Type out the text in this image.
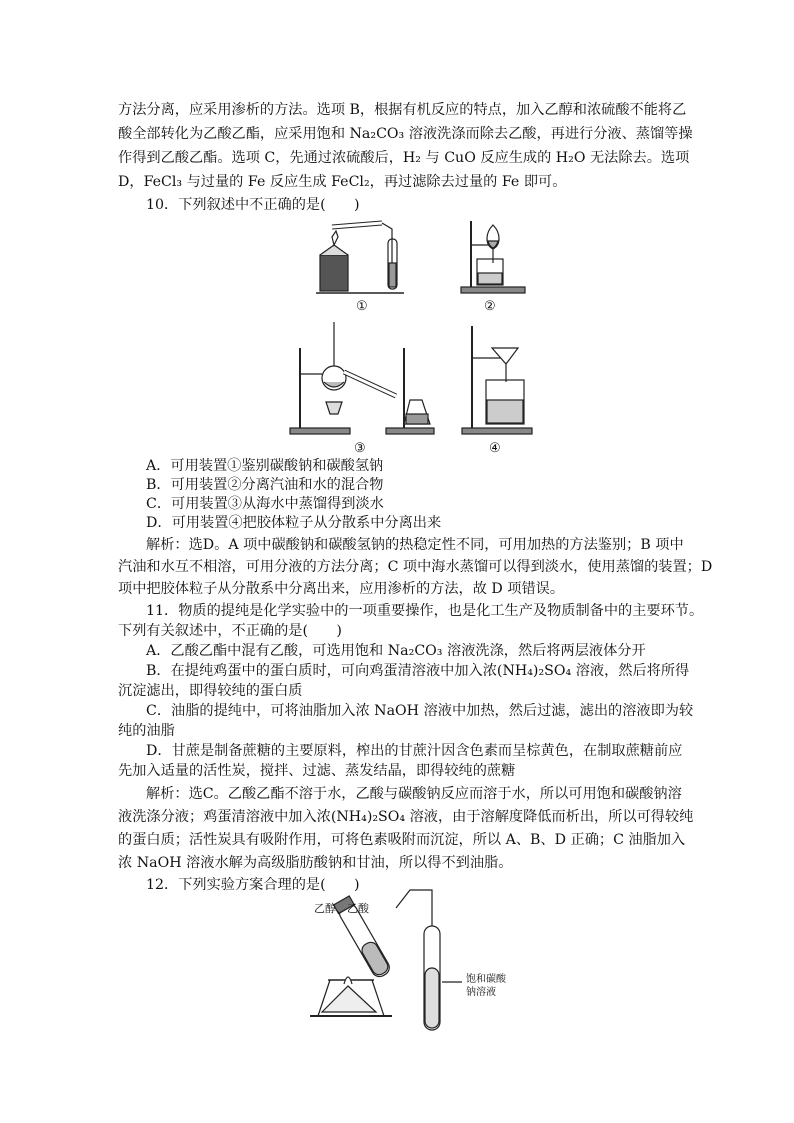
方法分离，应采用渗析的方法。选项 B，根据有机反应的特点，加入乙醇和浓硫酸不能将乙
酸全部转化为乙酸乙酯，应采用饱和 Na₂CO₃ 溶液洗涤而除去乙酸，再进行分液、蒸馏等操
作得到乙酸乙酯。选项 C，先通过浓硫酸后，H₂ 与 CuO 反应生成的 H₂O 无法除去。选项
D，FeCl₃ 与过量的 Fe 反应生成 FeCl₂，再过滤除去过量的 Fe 即可。
10．下列叙述中不正确的是(　　)
①	②
③	④
A．可用装置①鉴别碳酸钠和碳酸氢钠
B．可用装置②分离汽油和水的混合物
C．可用装置③从海水中蒸馏得到淡水
D．可用装置④把胶体粒子从分散系中分离出来
解析：选D。A 项中碳酸钠和碳酸氢钠的热稳定性不同，可用加热的方法鉴别；B 项中
汽油和水互不相溶，可用分液的方法分离；C 项中海水蒸馏可以得到淡水，使用蒸馏的装置；D
项中把胶体粒子从分散系中分离出来，应用渗析的方法，故 D 项错误。
11．物质的提纯是化学实验中的一项重要操作，也是化工生产及物质制备中的主要环节。
下列有关叙述中，不正确的是(　　)
A．乙酸乙酯中混有乙酸，可选用饱和 Na₂CO₃ 溶液洗涤，然后将两层液体分开
B．在提纯鸡蛋中的蛋白质时，可向鸡蛋清溶液中加入浓(NH₄)₂SO₄ 溶液，然后将所得
沉淀滤出，即得较纯的蛋白质
C．油脂的提纯中，可将油脂加入浓 NaOH 溶液中加热，然后过滤，滤出的溶液即为较
纯的油脂
D．甘蔗是制备蔗糖的主要原料，榨出的甘蔗汁因含色素而呈棕黄色，在制取蔗糖前应
先加入适量的活性炭，搅拌、过滤、蒸发结晶，即得较纯的蔗糖
解析：选C。乙酸乙酯不溶于水，乙酸与碳酸钠反应而溶于水，所以可用饱和碳酸钠溶
液洗涤分液；鸡蛋清溶液中加入浓(NH₄)₂SO₄ 溶液，由于溶解度降低而析出，所以可得较纯
的蛋白质；活性炭具有吸附作用，可将色素吸附而沉淀，所以 A、B、D 正确；C 油脂加入
浓 NaOH 溶液水解为高级脂肪酸钠和甘油，所以得不到油脂。
12．下列实验方案合理的是(　　)
乙醇、乙酸
饱和碳酸
钠溶液
